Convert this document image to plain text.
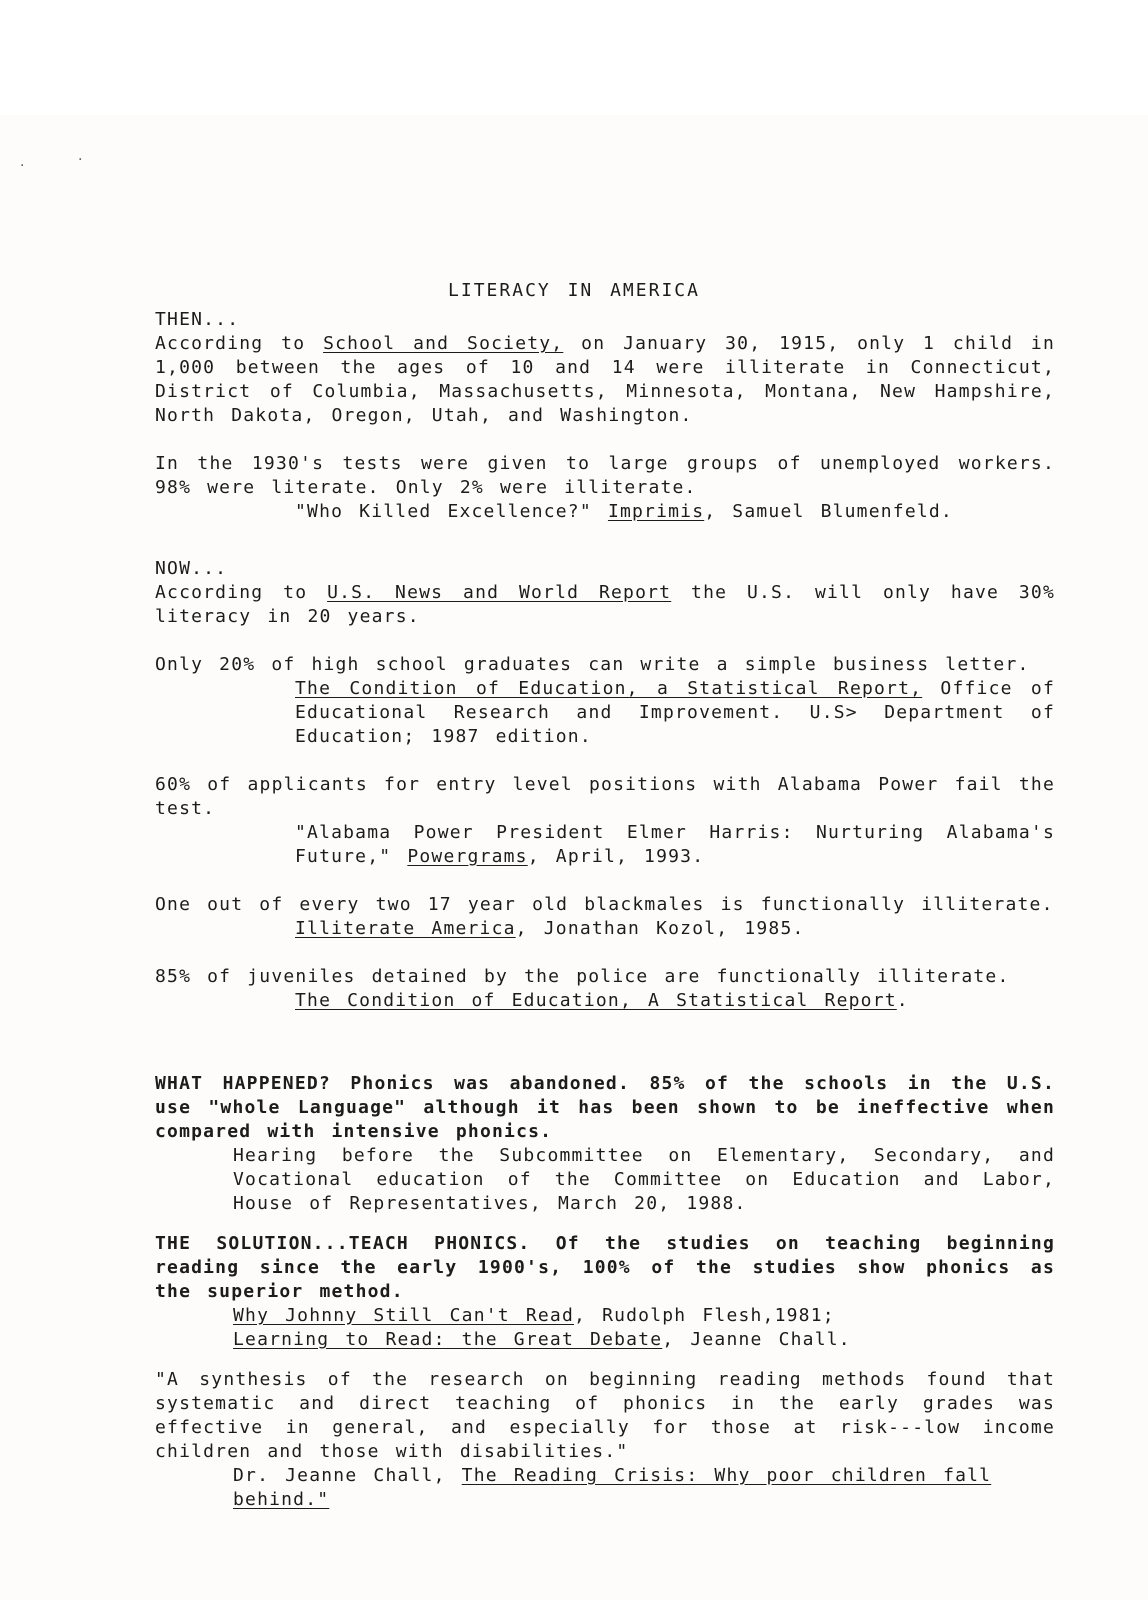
·	·
LITERACY IN AMERICA

THEN...

According to School and Society, on January 30, 1915, only 1 child in 1,000 between the ages of 10 and 14 were illiterate in Connecticut, District of Columbia, Massachusetts, Minnesota, Montana, New Hampshire, North Dakota, Oregon, Utah, and Washington.

In the 1930's tests were given to large groups of unemployed workers. 98% were literate. Only 2% were illiterate.

"Who Killed Excellence?" Imprimis, Samuel Blumenfeld.

NOW...

According to U.S. News and World Report the U.S. will only have 30% literacy in 20 years.

Only 20% of high school graduates can write a simple business letter.

The Condition of Education, a Statistical Report, Office of Educational Research and Improvement. U.S> Department of Education; 1987 edition.

60% of applicants for entry level positions with Alabama Power fail the test.

"Alabama Power President Elmer Harris: Nurturing Alabama's Future," Powergrams, April, 1993.

One out of every two 17 year old blackmales is functionally illiterate.

Illiterate America, Jonathan Kozol, 1985.

85% of juveniles detained by the police are functionally illiterate.

The Condition of Education, A Statistical Report.

WHAT HAPPENED? Phonics was abandoned. 85% of the schools in the U.S. use "whole Language" although it has been shown to be ineffective when compared with intensive phonics.

Hearing before the Subcommittee on Elementary, Secondary, and Vocational education of the Committee on Education and Labor, House of Representatives, March 20, 1988.

THE SOLUTION...TEACH PHONICS. Of the studies on teaching beginning reading since the early 1900's, 100% of the studies show phonics as the superior method.

Why Johnny Still Can't Read, Rudolph Flesh,1981;

Learning to Read: the Great Debate, Jeanne Chall.

"A synthesis of the research on beginning reading methods found that systematic and direct teaching of phonics in the early grades was effective in general, and especially for those at risk---low income children and those with disabilities."

Dr. Jeanne Chall, The Reading Crisis: Why poor children fall behind."
